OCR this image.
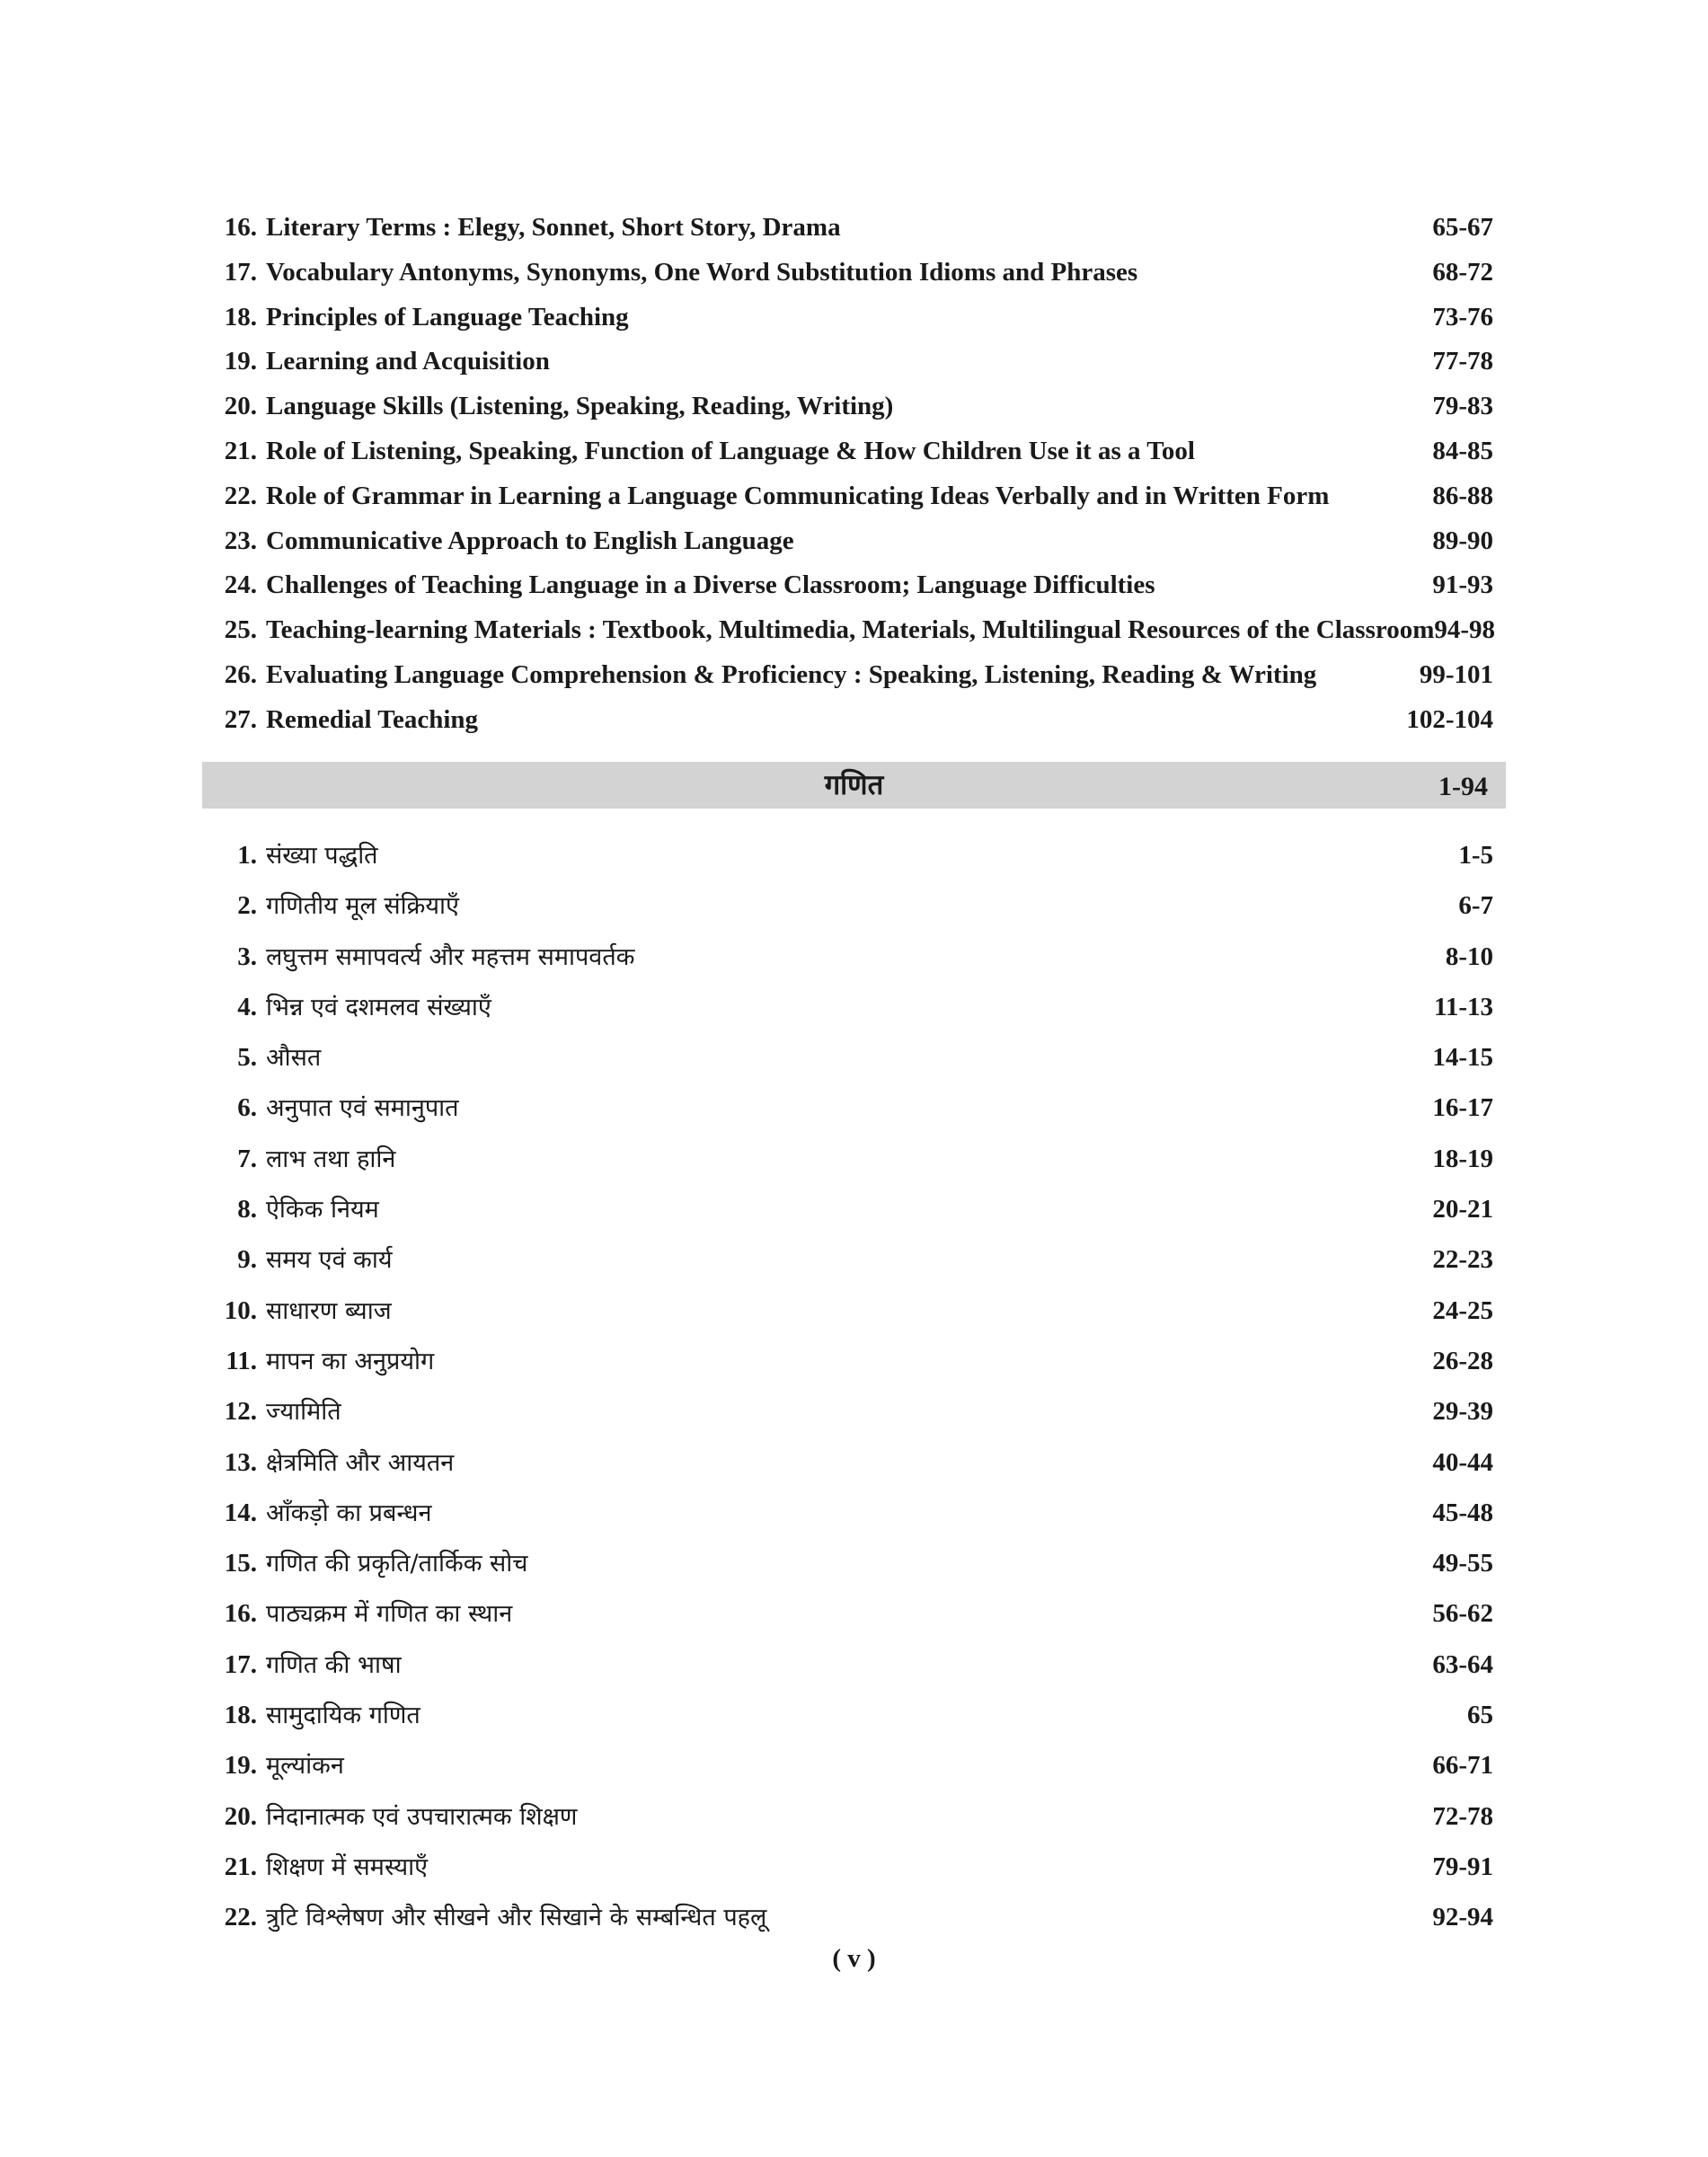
16. Literary Terms : Elegy, Sonnet, Short Story, Drama	65-67
17. Vocabulary Antonyms, Synonyms, One Word Substitution Idioms and Phrases	68-72
18. Principles of Language Teaching	73-76
19. Learning and Acquisition	77-78
20. Language Skills (Listening, Speaking, Reading, Writing)	79-83
21. Role of Listening, Speaking, Function of Language & How Children Use it as a Tool	84-85
22. Role of Grammar in Learning a Language Communicating Ideas Verbally and in Written Form	86-88
23. Communicative Approach to English Language	89-90
24. Challenges of Teaching Language in a Diverse Classroom; Language Difficulties	91-93
25. Teaching-learning Materials : Textbook, Multimedia, Materials, Multilingual Resources of the Classroom 94-98
26. Evaluating Language Comprehension & Proficiency : Speaking, Listening, Reading & Writing	99-101
27. Remedial Teaching	102-104
गणित	1-94
1. संख्या पद्धति	1-5
2. गणितीय मूल संक्रियाएँ	6-7
3. लघुत्तम समापवर्त्य और महत्तम समापवर्तक	8-10
4. भिन्न एवं दशमलव संख्याएँ	11-13
5. औसत	14-15
6. अनुपात एवं समानुपात	16-17
7. लाभ तथा हानि	18-19
8. ऐकिक नियम	20-21
9. समय एवं कार्य	22-23
10. साधारण ब्याज	24-25
11. मापन का अनुप्रयोग	26-28
12. ज्यामिति	29-39
13. क्षेत्रमिति और आयतन	40-44
14. आँकड़ो का प्रबन्धन	45-48
15. गणित की प्रकृति/तार्किक सोच	49-55
16. पाठ्यक्रम में गणित का स्थान	56-62
17. गणित की भाषा	63-64
18. सामुदायिक गणित	65
19. मूल्यांकन	66-71
20. निदानात्मक एवं उपचारात्मक शिक्षण	72-78
21. शिक्षण में समस्याएँ	79-91
22. त्रुटि विश्लेषण और सीखने और सिखाने के सम्बन्धित पहलू	92-94
( v )
